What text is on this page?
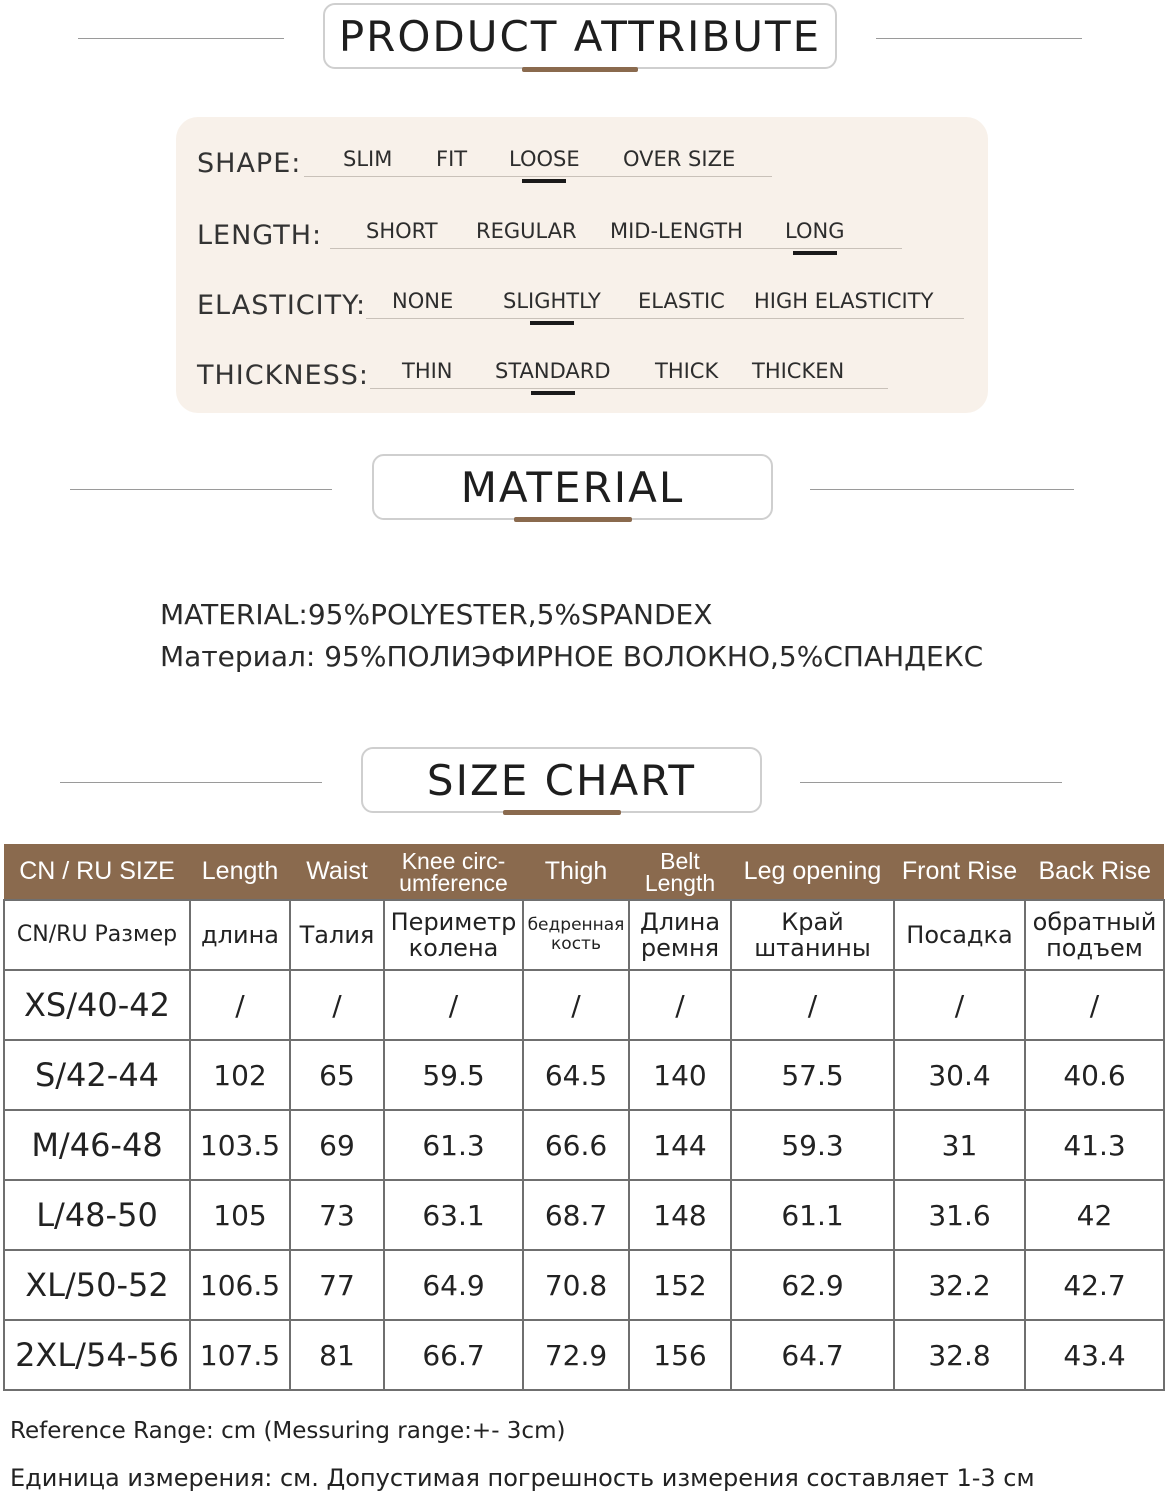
PRODUCT ATTRIBUTE
SHAPE: SLIM FIT LOOSE OVER SIZE
LENGTH: SHORT REGULAR MID-LENGTH LONG
ELASTICITY: NONE SLIGHTLY ELASTIC HIGH ELASTICITY
THICKNESS: THIN STANDARD THICK THICKEN
MATERIAL
MATERIAL:95%POLYESTER,5%SPANDEX
Материал: 95%ПОЛИЭФИРНОЕ ВОЛОКНО,5%СПАНДЕКС
SIZE CHART
CN / RU SIZE	Length	Waist	Knee circ-umference	Thigh	Belt Length	Leg opening	Front Rise	Back Rise
CN/RU Размер	длина	Талия	Периметр колена	бедренная кость	Длина ремня	Край штанины	Посадка	обратный подъем
XS/40-42	/	/	/	/	/	/	/	/
S/42-44	102	65	59.5	64.5	140	57.5	30.4	40.6
M/46-48	103.5	69	61.3	66.6	144	59.3	31	41.3
L/48-50	105	73	63.1	68.7	148	61.1	31.6	42
XL/50-52	106.5	77	64.9	70.8	152	62.9	32.2	42.7
2XL/54-56	107.5	81	66.7	72.9	156	64.7	32.8	43.4
Reference Range: cm (Messuring range:+- 3cm)
Единица измерения: см. Допустимая погрешность измерения составляет 1-3 см
